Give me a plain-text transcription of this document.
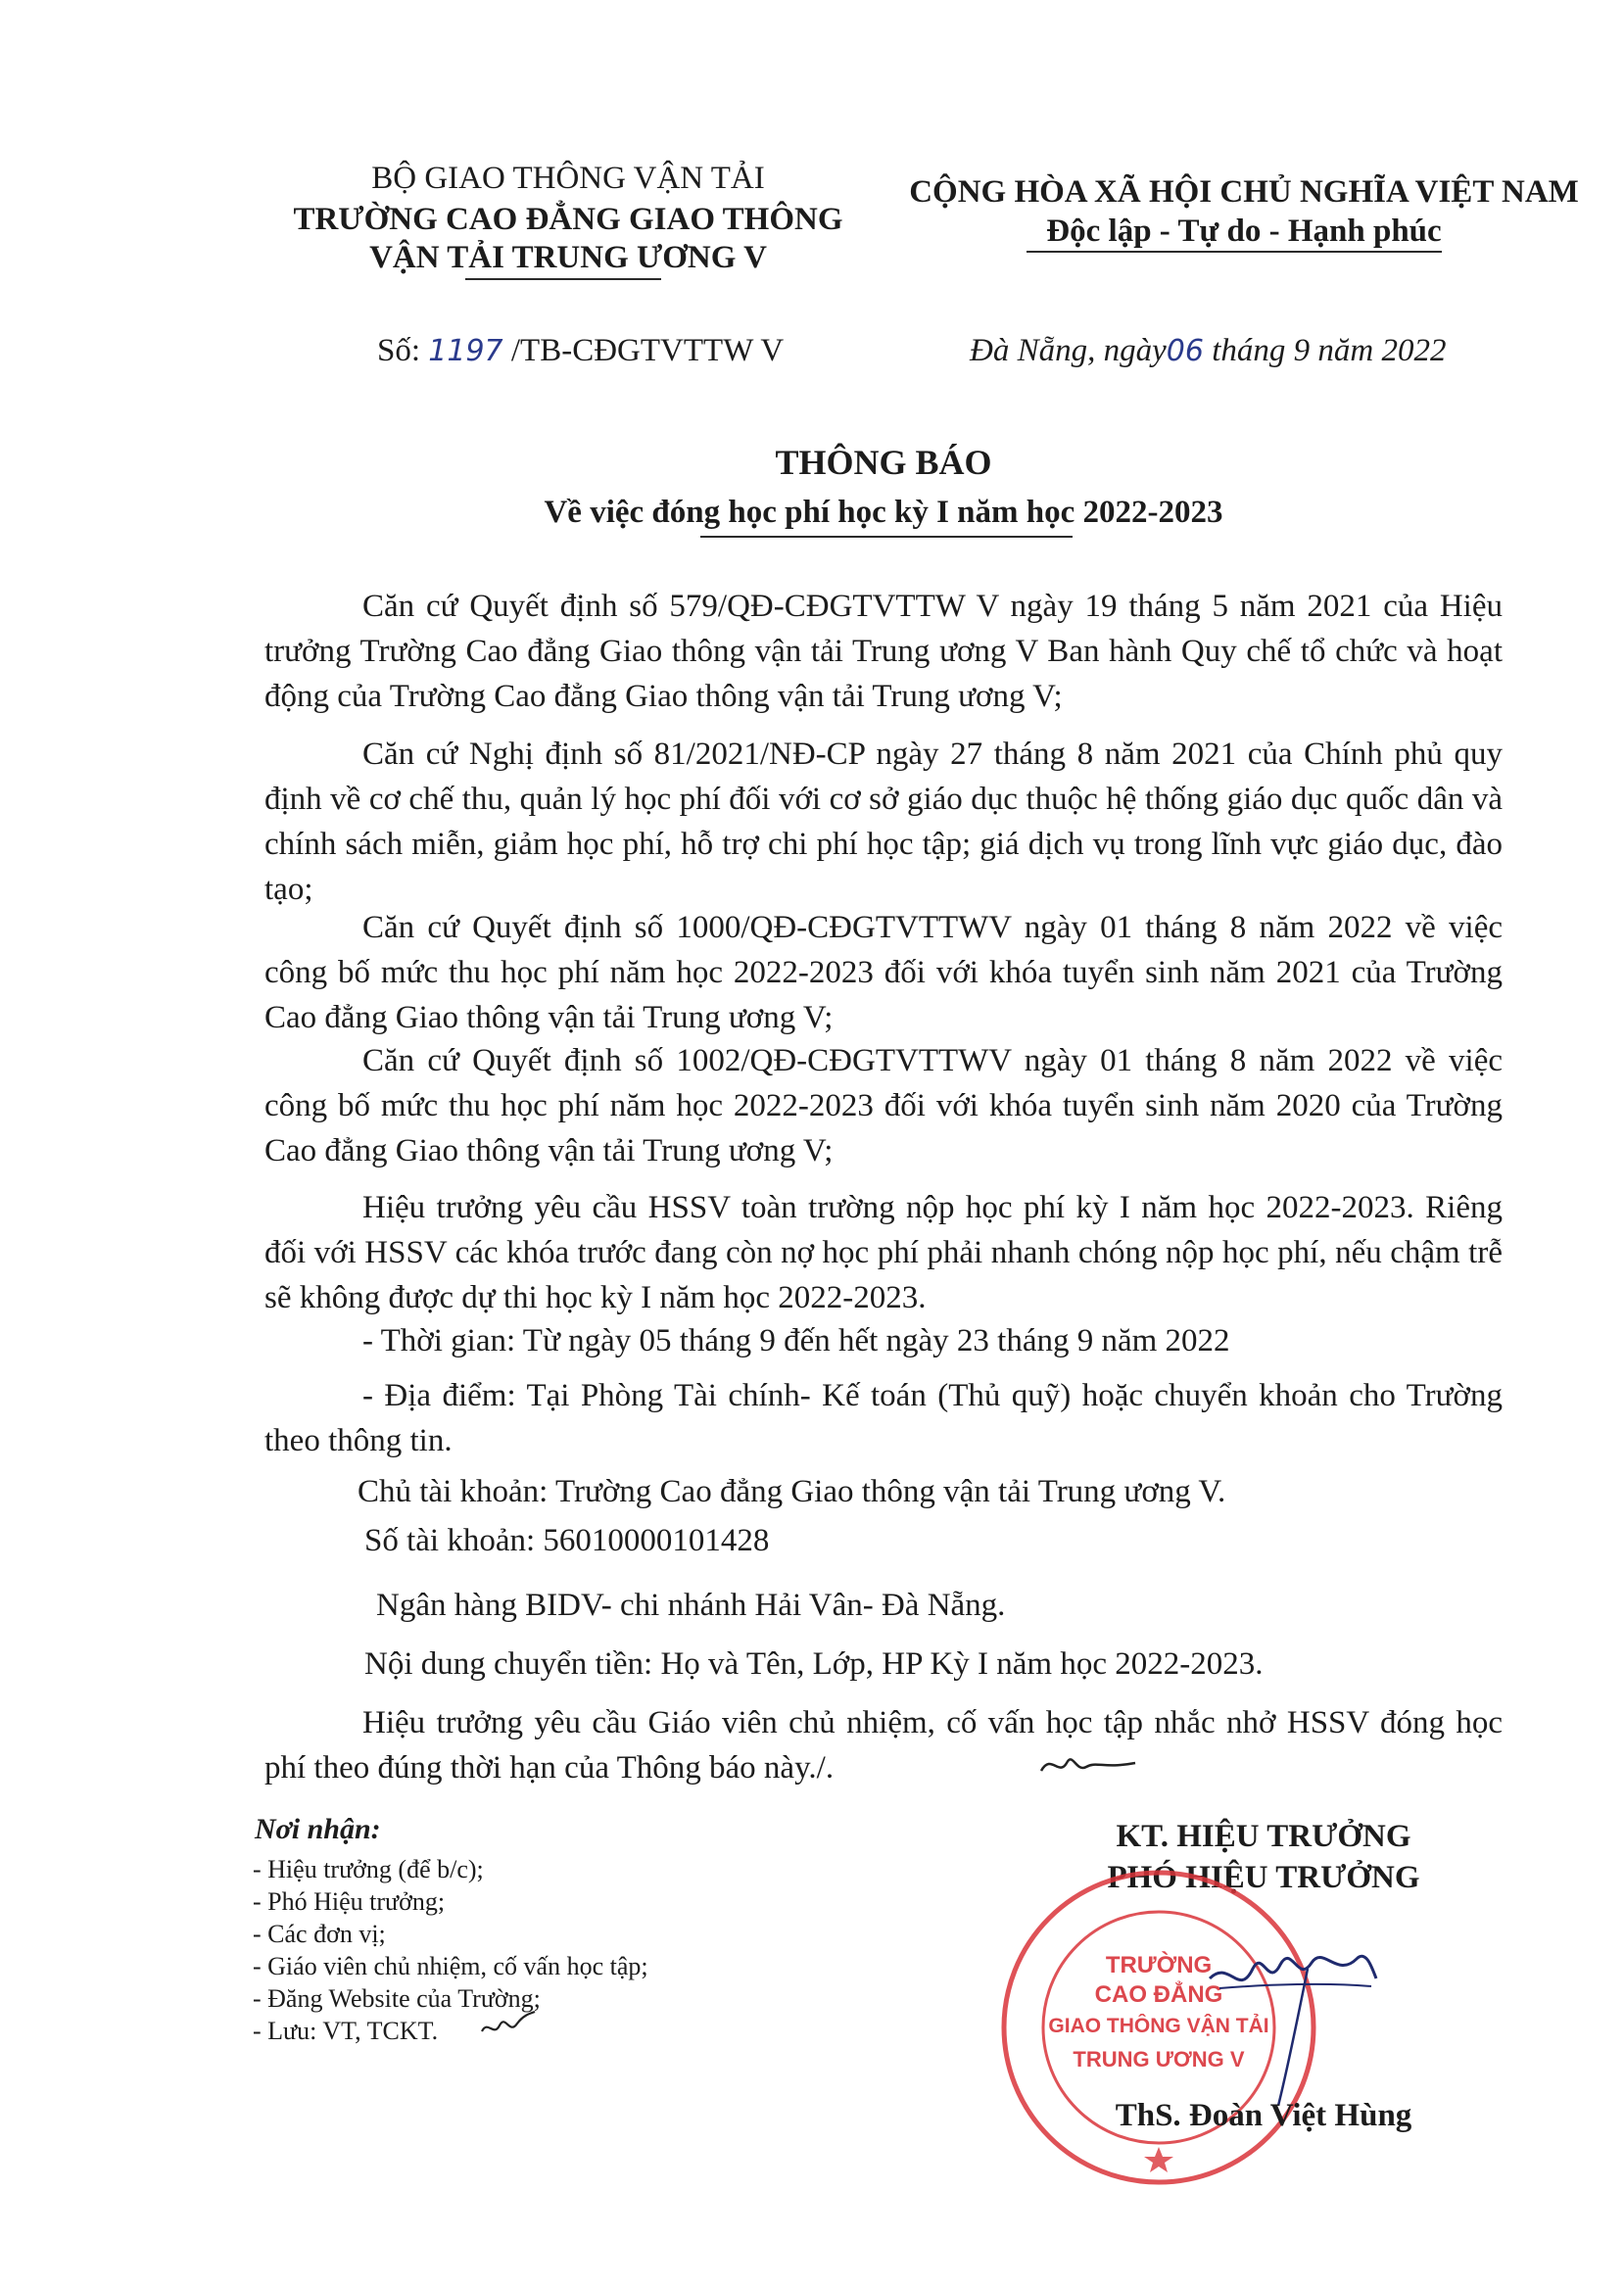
BỘ GIAO THÔNG VẬN TẢI
TRƯỜNG CAO ĐẲNG GIAO THÔNG
VẬN TẢI TRUNG ƯƠNG V
CỘNG HÒA XÃ HỘI CHỦ NGHĨA VIỆT NAM
Độc lập - Tự do - Hạnh phúc
Số: 1197 /TB-CĐGTVTTW V	Đà Nẵng, ngày06 tháng 9 năm 2022
THÔNG BÁO
Về việc đóng học phí học kỳ I năm học 2022-2023

Căn cứ Quyết định số 579/QĐ-CĐGTVTTW V ngày 19 tháng 5 năm 2021 của Hiệu trưởng Trường Cao đẳng Giao thông vận tải Trung ương V Ban hành Quy chế tổ chức và hoạt động của Trường Cao đẳng Giao thông vận tải Trung ương V;

Căn cứ Nghị định số 81/2021/NĐ-CP ngày 27 tháng 8 năm 2021 của Chính phủ quy định về cơ chế thu, quản lý học phí đối với cơ sở giáo dục thuộc hệ thống giáo dục quốc dân và chính sách miễn, giảm học phí, hỗ trợ chi phí học tập; giá dịch vụ trong lĩnh vực giáo dục, đào tạo;

Căn cứ Quyết định số 1000/QĐ-CĐGTVTTWV ngày 01 tháng 8 năm 2022 về việc công bố mức thu học phí năm học 2022-2023 đối với khóa tuyển sinh năm 2021 của Trường Cao đẳng Giao thông vận tải Trung ương V;

Căn cứ Quyết định số 1002/QĐ-CĐGTVTTWV ngày 01 tháng 8 năm 2022 về việc công bố mức thu học phí năm học 2022-2023 đối với khóa tuyển sinh năm 2020 của Trường Cao đẳng Giao thông vận tải Trung ương V;

Hiệu trưởng yêu cầu HSSV toàn trường nộp học phí kỳ I năm học 2022-2023. Riêng đối với HSSV các khóa trước đang còn nợ học phí phải nhanh chóng nộp học phí, nếu chậm trễ sẽ không được dự thi học kỳ I năm học 2022-2023.

- Thời gian: Từ ngày 05 tháng 9 đến hết ngày 23 tháng 9 năm 2022

- Địa điểm: Tại Phòng Tài chính- Kế toán (Thủ quỹ) hoặc chuyển khoản cho Trường theo thông tin.

Chủ tài khoản: Trường Cao đẳng Giao thông vận tải Trung ương V.
Số tài khoản: 56010000101428
Ngân hàng BIDV- chi nhánh Hải Vân- Đà Nẵng.
Nội dung chuyển tiền: Họ và Tên, Lớp, HP Kỳ I năm học 2022-2023.

Hiệu trưởng yêu cầu Giáo viên chủ nhiệm, cố vấn học tập nhắc nhở HSSV đóng học phí theo đúng thời hạn của Thông báo này./.

Nơi nhận:
- Hiệu trưởng (để b/c);
- Phó Hiệu trưởng;
- Các đơn vị;
- Giáo viên chủ nhiệm, cố vấn học tập;
- Đăng Website của Trường;
- Lưu: VT, TCKT.
KT. HIỆU TRƯỞNG
PHÓ HIỆU TRƯỞNG
TRƯỜNG
CAO ĐẲNG
GIAO THÔNG VẬN TẢI
TRUNG ƯƠNG V
ThS. Đoàn Việt Hùng
